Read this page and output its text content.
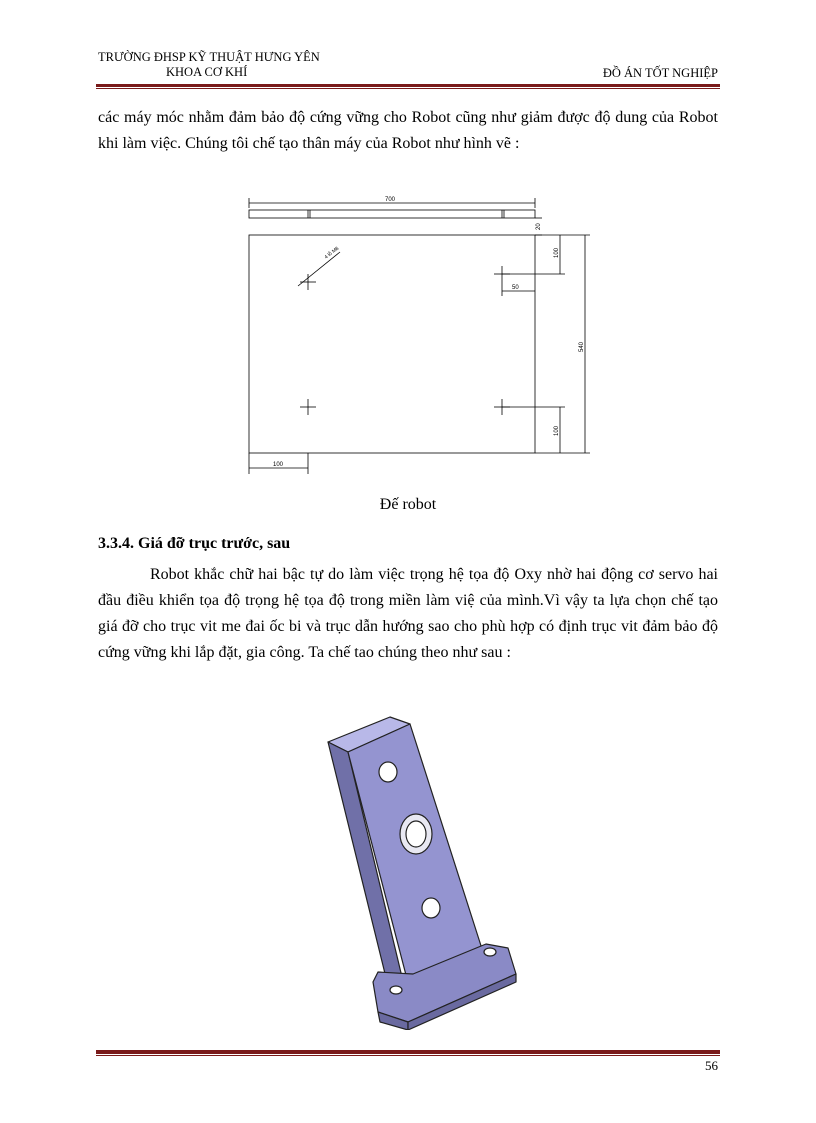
TRƯỜNG ĐHSP KỸ THUẬT HƯNG YÊN
KHOA CƠ KHÍ	ĐỒ ÁN TỐT NGHIỆP
các máy móc nhằm đảm bảo độ cứng vững cho Robot cũng như giảm được độ dung của Robot khi làm việc. Chúng tôi chế tạo thân máy của Robot như hình vẽ :
700
20
100
50
540
100
100
4 lỗ M8
Đế robot
3.3.4. Giá đỡ trục trước, sau
Robot khắc chữ hai bậc tự do làm việc trọng hệ tọa độ Oxy nhờ hai động cơ servo hai đầu điều khiển tọa độ trọng hệ tọa độ trong miền làm việ của mình.Vì vậy ta lựa chọn chế tạo giá đỡ cho trục vit me đai ốc bi và trục dẫn hướng sao cho phù hợp có định trục vit đảm bảo độ cứng vững khi lắp đặt, gia công. Ta chế tao chúng theo như sau :
56
